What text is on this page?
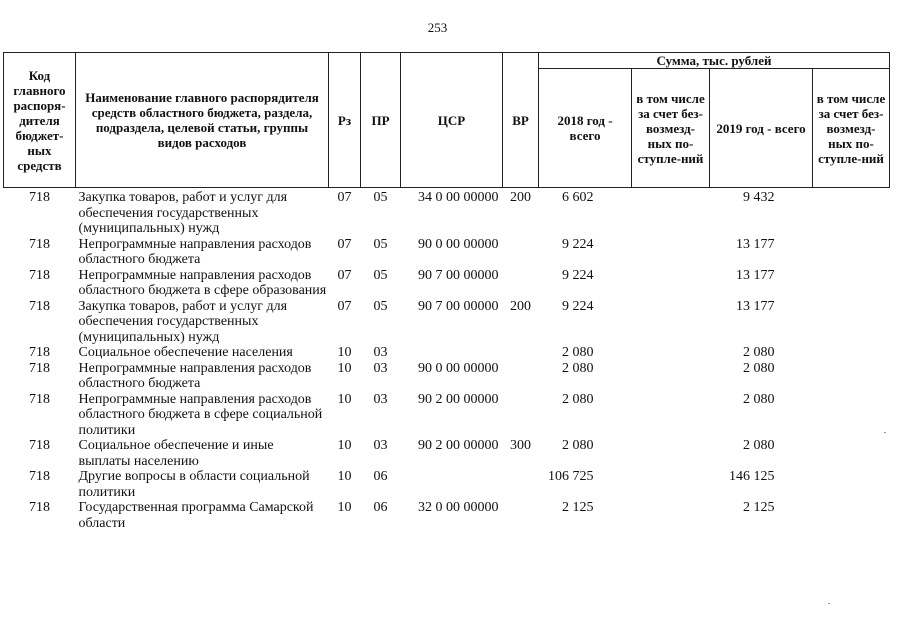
253
Код главного распоря-дителя бюджет-ных средств	Наименование главного распорядителя средств областного бюджета, раздела, подраздела, целевой статьи, группы видов расходов	Рз	ПР	ЦСР	ВР	Сумма, тыс. рублей			
						2018 год - всего	в том числе за счет без-возмезд-ных по-ступле-ний	2019 год - всего	в том числе за счет без-возмезд-ных по-ступле-ний
718	Закупка товаров, работ и услуг для обеспечения государственных (муниципальных) нужд	07	05	34 0 00 00000	200	6 602		9 432	
718	Непрограммные направления расходов областного бюджета	07	05	90 0 00 00000		9 224		13 177	
718	Непрограммные направления расходов областного бюджета в сфере образования	07	05	90 7 00 00000		9 224		13 177	
718	Закупка товаров, работ и услуг для обеспечения государственных (муниципальных) нужд	07	05	90 7 00 00000	200	9 224		13 177	
718	Социальное обеспечение населения	10	03			2 080		2 080	
718	Непрограммные направления расходов областного бюджета	10	03	90 0 00 00000		2 080		2 080	
718	Непрограммные направления расходов областного бюджета в сфере социальной политики	10	03	90 2 00 00000		2 080		2 080	
718	Социальное обеспечение и иные выплаты населению	10	03	90 2 00 00000	300	2 080		2 080	
718	Другие вопросы в области социальной политики	10	06			106 725		146 125	
718	Государственная программа Самарской области	10	06	32 0 00 00000		2 125		2 125	
